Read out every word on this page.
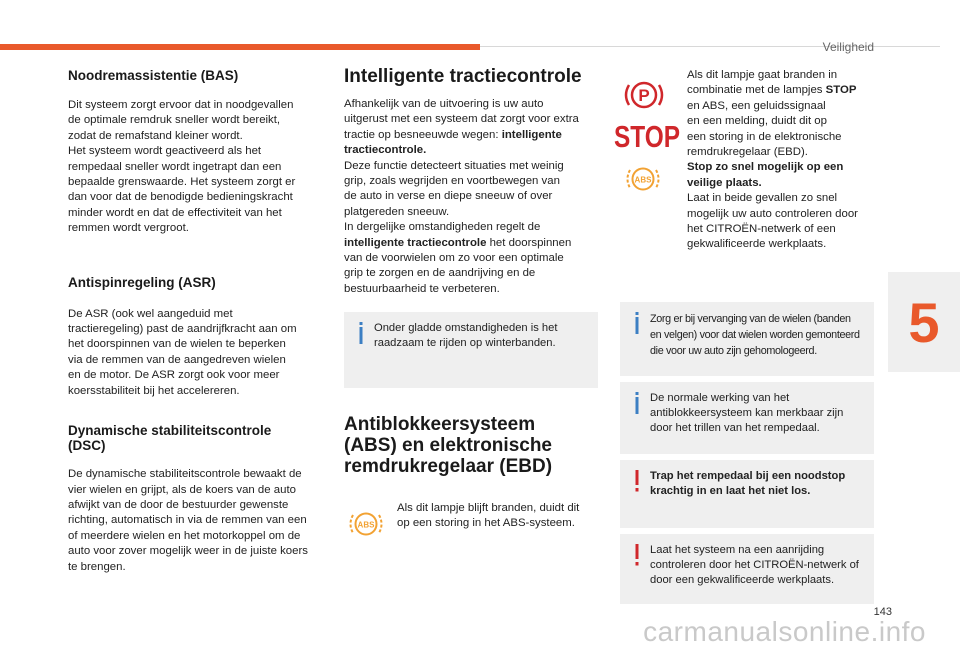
Veiligheid
5
Noodremassistentie (BAS)

Dit systeem zorgt ervoor dat in noodgevallen

de optimale remdruk sneller wordt bereikt,

zodat de remafstand kleiner wordt.

Het systeem wordt geactiveerd als het

rempedaal sneller wordt ingetrapt dan een

bepaalde grenswaarde. Het systeem zorgt er

dan voor dat de benodigde bedieningskracht

minder wordt en dat de effectiviteit van het

remmen wordt vergroot.

Antispinregeling (ASR)

De ASR (ook wel aangeduid met

tractieregeling) past de aandrijfkracht aan om

het doorspinnen van de wielen te beperken

via de remmen van de aangedreven wielen

en de motor. De ASR zorgt ook voor meer

koersstabiliteit bij het accelereren.

Dynamische stabiliteitscontrole
(DSC)

De dynamische stabiliteitscontrole bewaakt de

vier wielen en grijpt, als de koers van de auto

afwijkt van de door de bestuurder gewenste

richting, automatisch in via de remmen van een

of meerdere wielen en het motorkoppel om de

auto voor zover mogelijk weer in de juiste koers

te brengen.

Intelligente tractiecontrole

Afhankelijk van de uitvoering is uw auto

uitgerust met een systeem dat zorgt voor extra

tractie op besneeuwde wegen: intelligente

tractiecontrole.

Deze functie detecteert situaties met weinig

grip, zoals wegrijden en voortbewegen van

de auto in verse en diepe sneeuw of over

platgereden sneeuw.

In dergelijke omstandigheden regelt de

intelligente tractiecontrole het doorspinnen

van de voorwielen om zo voor een optimale

grip te zorgen en de aandrijving en de

bestuurbaarheid te verbeteren.

Onder gladde omstandigheden is het

raadzaam te rijden op winterbanden.

Antiblokkeersysteem
(ABS) en elektronische
remdrukregelaar (EBD)
ABS

Als dit lampje blijft branden, duidt dit

op een storing in het ABS-systeem.

P
STOP
ABS

Als dit lampje gaat branden in

combinatie met de lampjes STOP

en ABS, een geluidssignaal

en een melding, duidt dit op

een storing in de elektronische

remdrukregelaar (EBD).

Stop zo snel mogelijk op een

veilige plaats.

Laat in beide gevallen zo snel

mogelijk uw auto controleren door

het CITROËN-netwerk of een

gekwalificeerde werkplaats.

Zorg er bij vervanging van de wielen (banden

en velgen) voor dat wielen worden gemonteerd

die voor uw auto zijn gehomologeerd.

De normale werking van het

antiblokkeersysteem kan merkbaar zijn

door het trillen van het rempedaal.

Trap het rempedaal bij een noodstop

krachtig in en laat het niet los.

Laat het systeem na een aanrijding

controleren door het CITROËN-netwerk of

door een gekwalificeerde werkplaats.

143
carmanualsonline.info
